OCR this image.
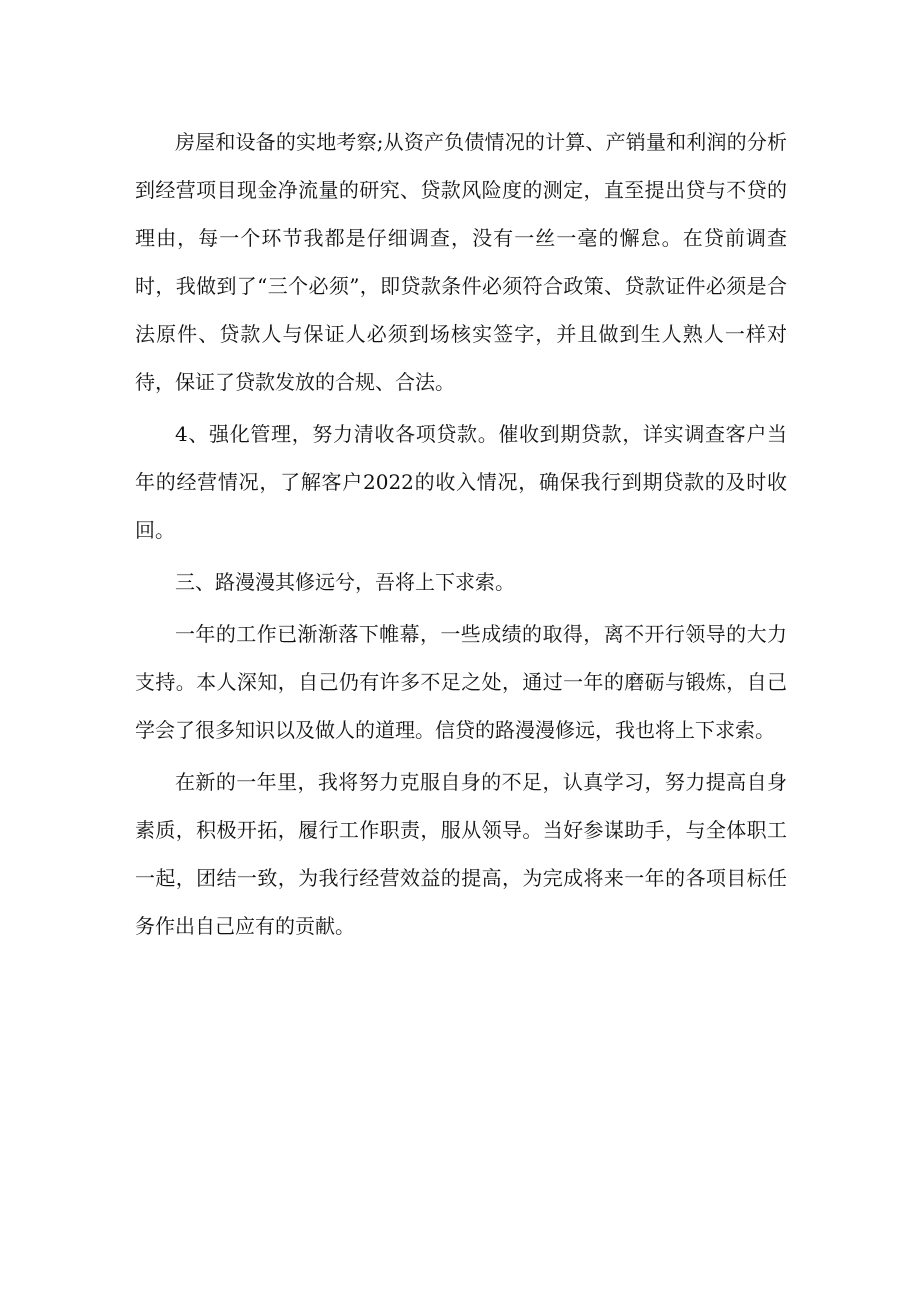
房屋和设备的实地考察;从资产负债情况的计算、产销量和利润的分析到经营项目现金净流量的研究、贷款风险度的测定，直至提出贷与不贷的理由，每一个环节我都是仔细调查，没有一丝一毫的懈怠。在贷前调查时，我做到了“三个必须”，即贷款条件必须符合政策、贷款证件必须是合法原件、贷款人与保证人必须到场核实签字，并且做到生人熟人一样对待，保证了贷款发放的合规、合法。

4、强化管理，努力清收各项贷款。催收到期贷款，详实调查客户当年的经营情况，了解客户2022的收入情况，确保我行到期贷款的及时收回。

三、路漫漫其修远兮，吾将上下求索。

一年的工作已渐渐落下帷幕，一些成绩的取得，离不开行领导的大力支持。本人深知，自己仍有许多不足之处，通过一年的磨砺与锻炼，自己学会了很多知识以及做人的道理。信贷的路漫漫修远，我也将上下求索。

在新的一年里，我将努力克服自身的不足，认真学习，努力提高自身素质，积极开拓，履行工作职责，服从领导。当好参谋助手，与全体职工一起，团结一致，为我行经营效益的提高，为完成将来一年的各项目标任务作出自己应有的贡献。
